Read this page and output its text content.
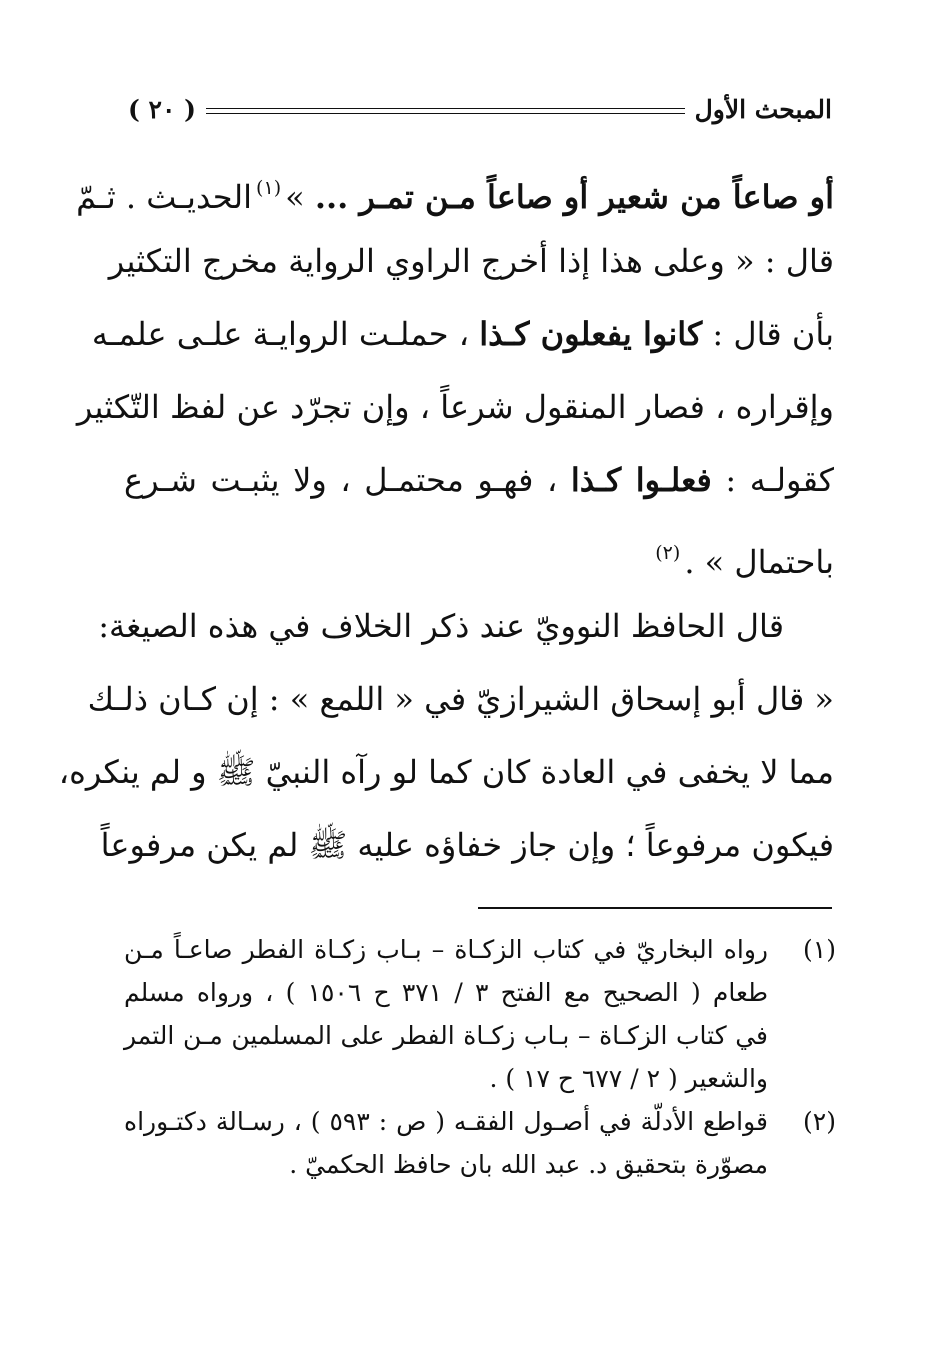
المبحث الأول
( ٢٠ )
أو صاعاً من شعير أو صاعاً مـن تمـر ... »$^{(١)}$الحديـث . ثـمّ
قال : « وعلى هذا إذا أخرج الراوي الرواية مخرج التكثير
بأن قال : كانوا يفعلون كـذا ، حملـت الروايـة علـى علمـه
وإقراره ، فصار المنقول شرعاً ، وإن تجرّد عن لفظ التّكثير
كقولـه : فعلـوا كـذا ، فهـو محتمـل ، ولا يثبـت شـرع
باحتمال » .$^{(٢)}$
قال الحافظ النوويّ عند ذكر الخلاف في هذه الصيغة:
« قال أبو إسحاق الشيرازيّ في « اللمع » : إن كـان ذلـك
مما لا يخفى في العادة كان كما لو رآه النبيّ ﷺ و لم ينكره،
فيكون مرفوعاً ؛ وإن جاز خفاؤه عليه ﷺ لم يكن مرفوعاً
(١)
رواه البخاريّ في كتاب الزكـاة – بـاب زكـاة الفطر صاعـاً مـن
طعام ( الصحيح مع الفتح ٣ / ٣٧١ ح ١٥٠٦ ) ، ورواه مسلم
في كتاب الزكـاة – بـاب زكـاة الفطر على المسلمين مـن التمر
والشعير ( ٢ / ٦٧٧ ح ١٧ ) .
(٢)
قواطع الأدلّة في أصـول الفقـه ( ص : ٥٩٣ ) ، رسـالة دكتـوراه
مصوّرة بتحقيق د. عبد الله بان حافظ الحكميّ .
